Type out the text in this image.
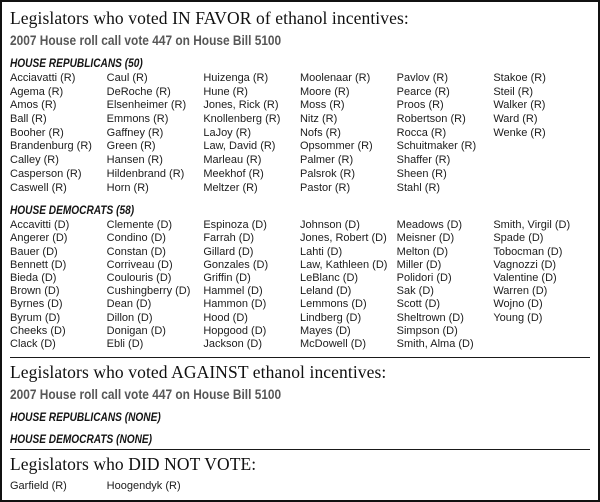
Legislators who voted IN FAVOR of ethanol incentives:
2007 House roll call vote 447 on House Bill 5100
HOUSE REPUBLICANS (50)
Acciavatti (R)
Agema (R)
Amos (R)
Ball (R)
Booher (R)
Brandenburg (R)
Calley (R)
Casperson (R)
Caswell (R)
Caul (R)
DeRoche (R)
Elsenheimer (R)
Emmons (R)
Gaffney (R)
Green (R)
Hansen (R)
Hildenbrand (R)
Horn (R)
Huizenga (R)
Hune (R)
Jones, Rick (R)
Knollenberg (R)
LaJoy (R)
Law, David (R)
Marleau (R)
Meekhof (R)
Meltzer (R)
Moolenaar (R)
Moore (R)
Moss (R)
Nitz (R)
Nofs (R)
Opsommer (R)
Palmer (R)
Palsrok (R)
Pastor (R)
Pavlov (R)
Pearce (R)
Proos (R)
Robertson (R)
Rocca (R)
Schuitmaker (R)
Shaffer (R)
Sheen (R)
Stahl (R)
Stakoe (R)
Steil (R)
Walker (R)
Ward (R)
Wenke (R)
HOUSE DEMOCRATS (58)
Accavitti (D)
Angerer (D)
Bauer (D)
Bennett (D)
Bieda (D)
Brown (D)
Byrnes (D)
Byrum (D)
Cheeks (D)
Clack (D)
Clemente (D)
Condino (D)
Constan (D)
Corriveau (D)
Coulouris (D)
Cushingberry (D)
Dean (D)
Dillon (D)
Donigan (D)
Ebli (D)
Espinoza (D)
Farrah (D)
Gillard (D)
Gonzales (D)
Griffin (D)
Hammel (D)
Hammon (D)
Hood (D)
Hopgood (D)
Jackson (D)
Johnson (D)
Jones, Robert (D)
Lahti (D)
Law, Kathleen (D)
LeBlanc (D)
Leland (D)
Lemmons (D)
Lindberg (D)
Mayes (D)
McDowell (D)
Meadows (D)
Meisner (D)
Melton (D)
Miller (D)
Polidori (D)
Sak (D)
Scott (D)
Sheltrown (D)
Simpson (D)
Smith, Alma (D)
Smith, Virgil (D)
Spade (D)
Tobocman (D)
Vagnozzi (D)
Valentine (D)
Warren (D)
Wojno (D)
Young (D)
Legislators who voted AGAINST ethanol incentives:
2007 House roll call vote 447 on House Bill 5100
HOUSE REPUBLICANS (NONE)
HOUSE DEMOCRATS (NONE)
Legislators who DID NOT VOTE:
Garfield (R)	Hoogendyk (R)
